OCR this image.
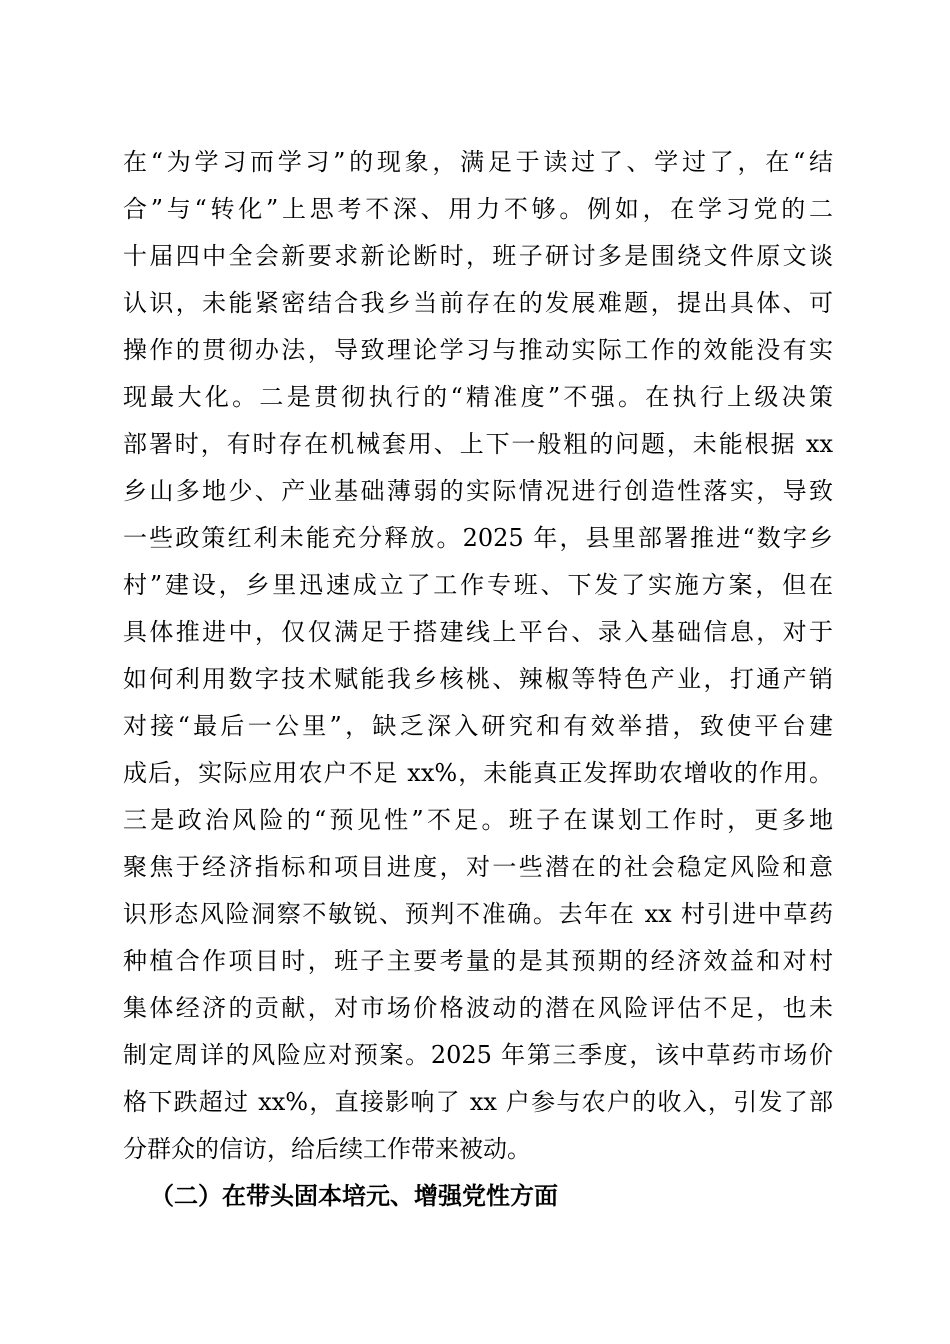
在“为学习而学习”的现象，满足于读过了、学过了，在“结
合”与“转化”上思考不深、用力不够。例如，在学习党的二
十届四中全会新要求新论断时，班子研讨多是围绕文件原文谈
认识，未能紧密结合我乡当前存在的发展难题，提出具体、可
操作的贯彻办法，导致理论学习与推动实际工作的效能没有实
现最大化。二是贯彻执行的“精准度”不强。在执行上级决策
部署时，有时存在机械套用、上下一般粗的问题，未能根据 xx
乡山多地少、产业基础薄弱的实际情况进行创造性落实，导致
一些政策红利未能充分释放。2025 年，县里部署推进“数字乡
村”建设，乡里迅速成立了工作专班、下发了实施方案，但在
具体推进中，仅仅满足于搭建线上平台、录入基础信息，对于
如何利用数字技术赋能我乡核桃、辣椒等特色产业，打通产销
对接“最后一公里”，缺乏深入研究和有效举措，致使平台建
成后，实际应用农户不足 xx%，未能真正发挥助农增收的作用。
三是政治风险的“预见性”不足。班子在谋划工作时，更多地
聚焦于经济指标和项目进度，对一些潜在的社会稳定风险和意
识形态风险洞察不敏锐、预判不准确。去年在 xx 村引进中草药
种植合作项目时，班子主要考量的是其预期的经济效益和对村
集体经济的贡献，对市场价格波动的潜在风险评估不足，也未
制定周详的风险应对预案。2025 年第三季度，该中草药市场价
格下跌超过 xx%，直接影响了 xx 户参与农户的收入，引发了部
分群众的信访，给后续工作带来被动。
（二）在带头固本培元、增强党性方面
